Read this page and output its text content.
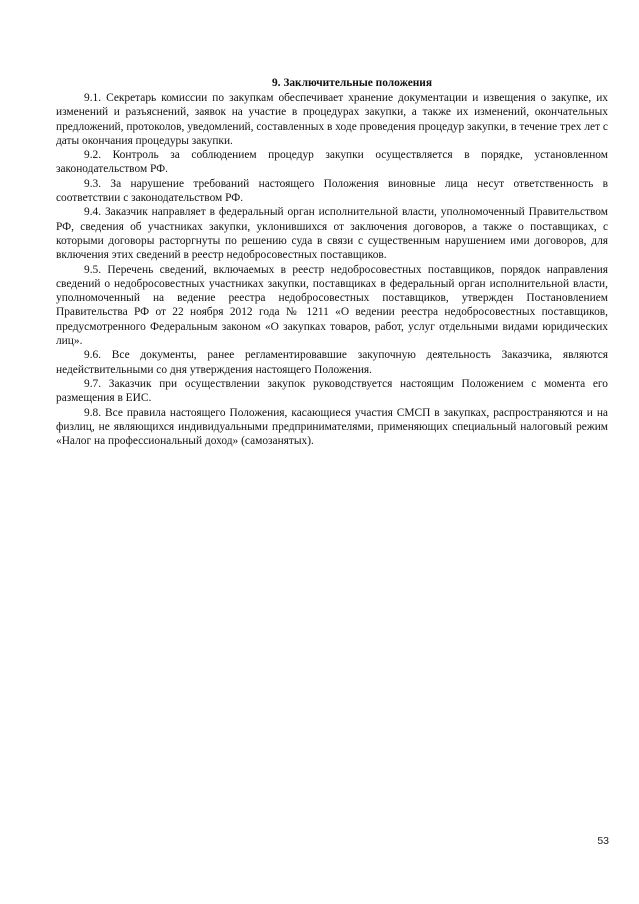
9. Заключительные положения

9.1. Секретарь комиссии по закупкам обеспечивает хранение документации и извещения о закупке, их изменений и разъяснений, заявок на участие в процедурах закупки, а также их изменений, окончательных предложений, протоколов, уведомлений, составленных в ходе проведения процедур закупки, в течение трех лет с даты окончания процедуры закупки.

9.2. Контроль за соблюдением процедур закупки осуществляется в порядке, установленном законодательством РФ.

9.3. За нарушение требований настоящего Положения виновные лица несут ответственность в соответствии с законодательством РФ.

9.4. Заказчик направляет в федеральный орган исполнительной власти, уполномоченный Правительством РФ, сведения об участниках закупки, уклонившихся от заключения договоров, а также о поставщиках, с которыми договоры расторгнуты по решению суда в связи с существенным нарушением ими договоров, для включения этих сведений в реестр недобросовестных поставщиков.

9.5. Перечень сведений, включаемых в реестр недобросовестных поставщиков, порядок направления сведений о недобросовестных участниках закупки, поставщиках в федеральный орган исполнительной власти, уполномоченный на ведение реестра недобросовестных поставщиков, утвержден Постановлением Правительства РФ от 22 ноября 2012 года № 1211 «О ведении реестра недобросовестных поставщиков, предусмотренного Федеральным законом «О закупках товаров, работ, услуг отдельными видами юридических лиц».

9.6. Все документы, ранее регламентировавшие закупочную деятельность Заказчика, являются недействительными со дня утверждения настоящего Положения.

9.7. Заказчик при осуществлении закупок руководствуется настоящим Положением с момента его размещения в ЕИС.

9.8. Все правила настоящего Положения, касающиеся участия СМСП в закупках, распространяются и на физлиц, не являющихся индивидуальными предпринимателями, применяющих специальный налоговый режим «Налог на профессиональный доход» (самозанятых).

53
